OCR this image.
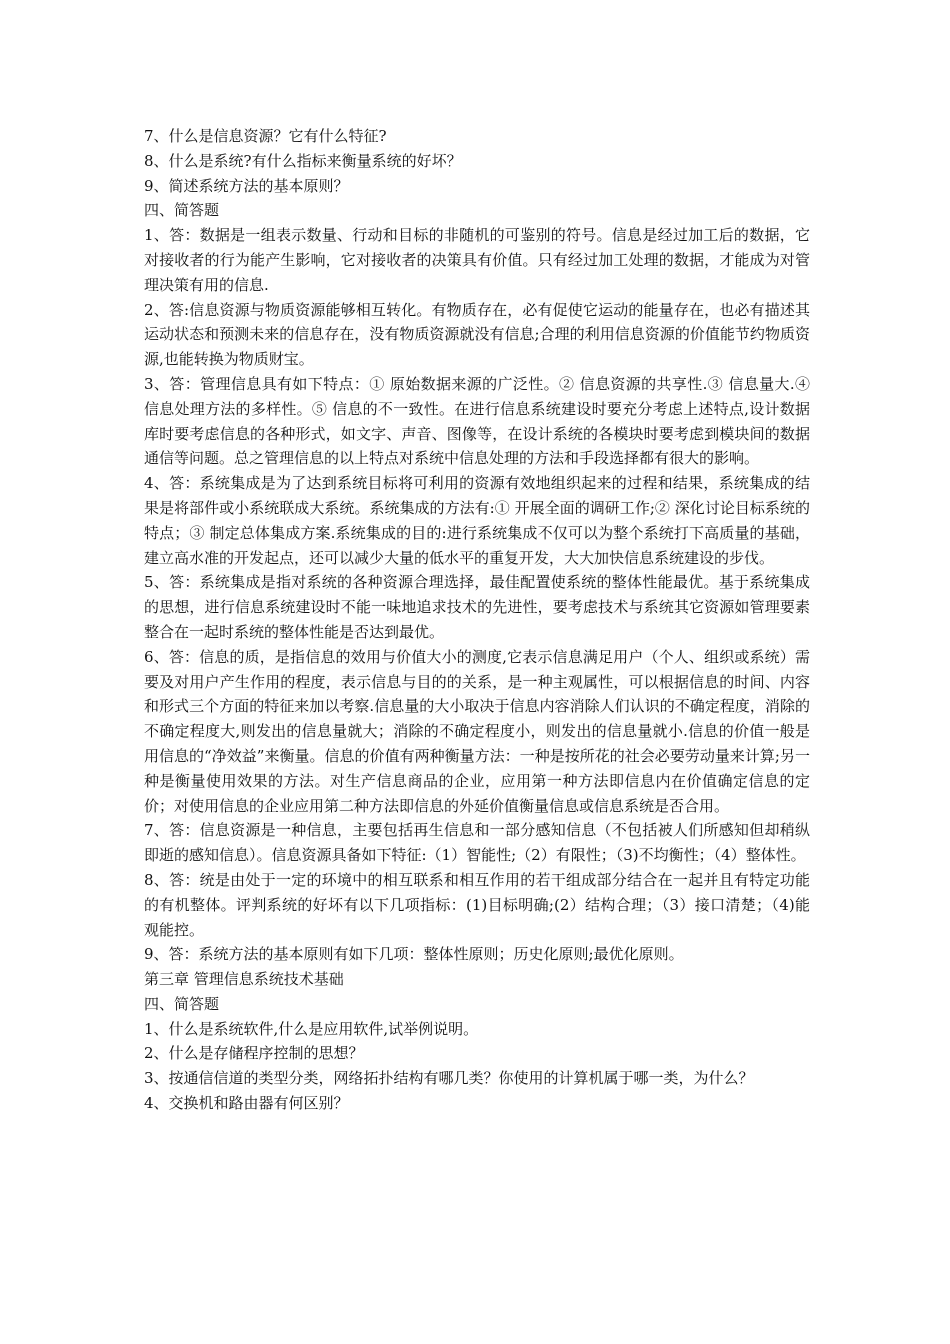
7、什么是信息资源？它有什么特征?

8、什么是系统?有什么指标来衡量系统的好坏？

9、简述系统方法的基本原则？

四、简答题

1、答：数据是一组表示数量、行动和目标的非随机的可鉴别的符号。信息是经过加工后的数据，它对接收者的行为能产生影响，它对接收者的决策具有价值。只有经过加工处理的数据，才能成为对管理决策有用的信息.

2、答:信息资源与物质资源能够相互转化。有物质存在，必有促使它运动的能量存在，也必有描述其运动状态和预测未来的信息存在，没有物质资源就没有信息;合理的利用信息资源的价值能节约物质资源,也能转换为物质财宝。

3、答：管理信息具有如下特点：① 原始数据来源的广泛性。② 信息资源的共享性.③ 信息量大.④ 信息处理方法的多样性。⑤ 信息的不一致性。在进行信息系统建设时要充分考虑上述特点,设计数据库时要考虑信息的各种形式，如文字、声音、图像等，在设计系统的各模块时要考虑到模块间的数据通信等问题。总之管理信息的以上特点对系统中信息处理的方法和手段选择都有很大的影响。

4、答：系统集成是为了达到系统目标将可利用的资源有效地组织起来的过程和结果，系统集成的结果是将部件或小系统联成大系统。系统集成的方法有:① 开展全面的调研工作;② 深化讨论目标系统的特点；③ 制定总体集成方案.系统集成的目的:进行系统集成不仅可以为整个系统打下高质量的基础，建立高水准的开发起点，还可以减少大量的低水平的重复开发，大大加快信息系统建设的步伐。

5、答：系统集成是指对系统的各种资源合理选择，最佳配置使系统的整体性能最优。基于系统集成的思想，进行信息系统建设时不能一味地追求技术的先进性，要考虑技术与系统其它资源如管理要素整合在一起时系统的整体性能是否达到最优。

6、答：信息的质，是指信息的效用与价值大小的测度,它表示信息满足用户（个人、组织或系统）需要及对用户产生作用的程度，表示信息与目的的关系，是一种主观属性，可以根据信息的时间、内容和形式三个方面的特征来加以考察.信息量的大小取决于信息内容消除人们认识的不确定程度，消除的不确定程度大,则发出的信息量就大；消除的不确定程度小，则发出的信息量就小.信息的价值一般是用信息的“净效益”来衡量。信息的价值有两种衡量方法：一种是按所花的社会必要劳动量来计算;另一种是衡量使用效果的方法。对生产信息商品的企业，应用第一种方法即信息内在价值确定信息的定价；对使用信息的企业应用第二种方法即信息的外延价值衡量信息或信息系统是否合用。

7、答：信息资源是一种信息，主要包括再生信息和一部分感知信息（不包括被人们所感知但却稍纵即逝的感知信息）。信息资源具备如下特征:（1）智能性;（2）有限性；（3)不均衡性；（4）整体性。

8、答：统是由处于一定的环境中的相互联系和相互作用的若干组成部分结合在一起并且有特定功能的有机整体。评判系统的好坏有以下几项指标：(1)目标明确;(2）结构合理；（3）接口清楚；（4)能观能控。

9、答：系统方法的基本原则有如下几项：整体性原则；历史化原则;最优化原则。

第三章 管理信息系统技术基础

四、简答题

1、什么是系统软件,什么是应用软件,试举例说明。

2、什么是存储程序控制的思想？

3、按通信信道的类型分类，网络拓扑结构有哪几类？你使用的计算机属于哪一类，为什么？

4、交换机和路由器有何区别？
